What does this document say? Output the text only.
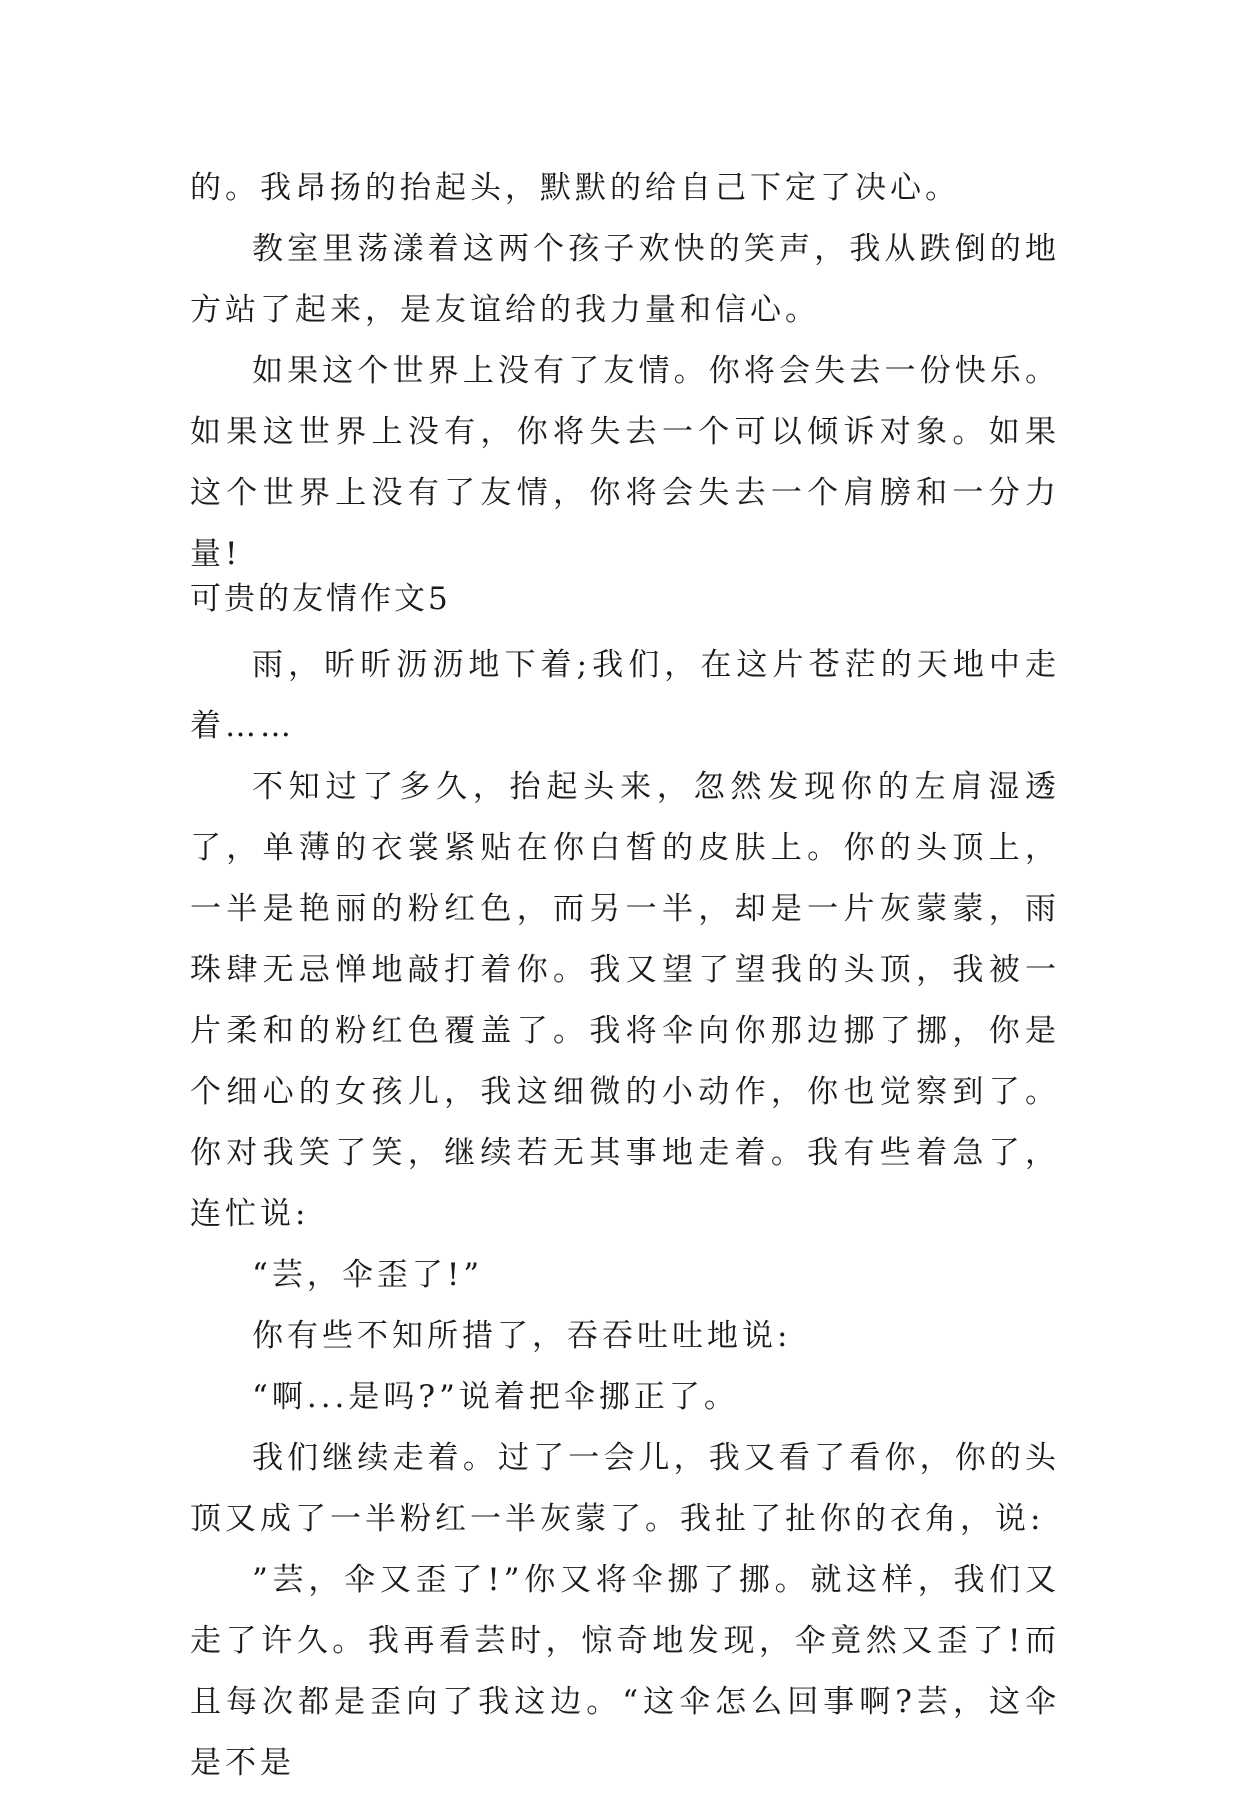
的。我昂扬的抬起头，默默的给自己下定了决心。

教室里荡漾着这两个孩子欢快的笑声，我从跌倒的地方站了起来，是友谊给的我力量和信心。

如果这个世界上没有了友情。你将会失去一份快乐。如果这世界上没有，你将失去一个可以倾诉对象。如果这个世界上没有了友情，你将会失去一个肩膀和一分力量!

可贵的友情作文5

雨，昕昕沥沥地下着;我们，在这片苍茫的天地中走着……

不知过了多久，抬起头来，忽然发现你的左肩湿透了，单薄的衣裳紧贴在你白皙的皮肤上。你的头顶上，一半是艳丽的粉红色，而另一半，却是一片灰蒙蒙，雨珠肆无忌惮地敲打着你。我又望了望我的头顶，我被一片柔和的粉红色覆盖了。我将伞向你那边挪了挪，你是个细心的女孩儿，我这细微的小动作，你也觉察到了。你对我笑了笑，继续若无其事地走着。我有些着急了，连忙说:

“芸，伞歪了!”

你有些不知所措了，吞吞吐吐地说:

“啊...是吗?”说着把伞挪正了。

我们继续走着。过了一会儿，我又看了看你，你的头顶又成了一半粉红一半灰蒙了。我扯了扯你的衣角，说:

”芸，伞又歪了!”你又将伞挪了挪。就这样，我们又走了许久。我再看芸时，惊奇地发现，伞竟然又歪了!而且每次都是歪向了我这边。“这伞怎么回事啊?芸，这伞是不是
